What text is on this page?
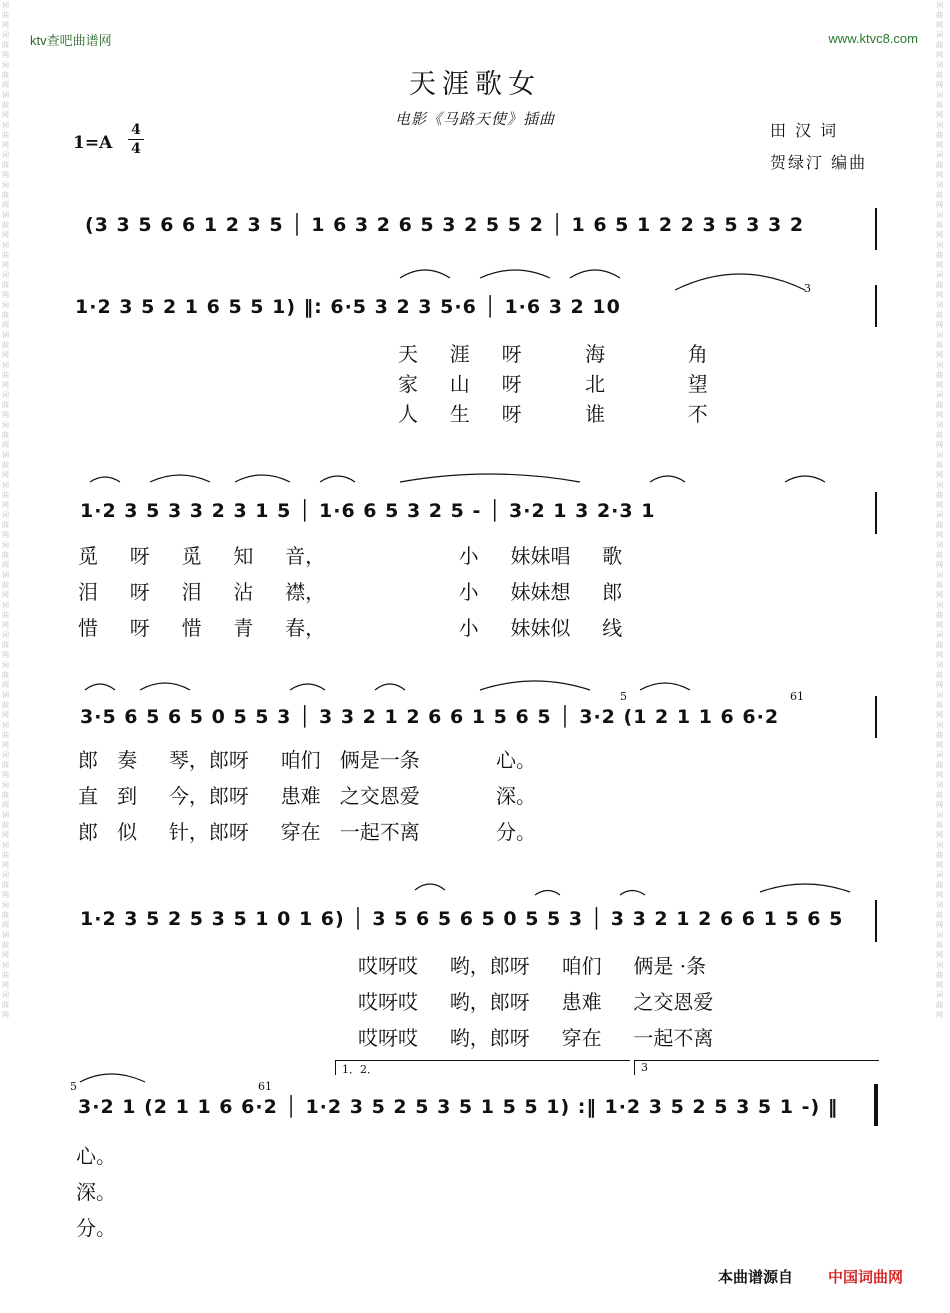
词曲网词曲网词曲网词曲网词曲网词曲网词曲网词曲网词曲网词曲网词曲网词曲网词曲网词曲网词曲网词曲网词曲网词曲网词曲网词曲网词曲网词曲网词曲网词曲网词曲网词曲网词曲网词曲网词曲网词曲网词曲网词曲网词曲网词曲网
词曲网词曲网词曲网词曲网词曲网词曲网词曲网词曲网词曲网词曲网词曲网词曲网词曲网词曲网词曲网词曲网词曲网词曲网词曲网词曲网词曲网词曲网词曲网词曲网词曲网词曲网词曲网词曲网词曲网词曲网词曲网词曲网词曲网词曲网
ktv查吧曲谱网	www.ktvc8.com
天涯歌女
电影《马路天使》插曲
1=A
4
4
田 汉 词
贺绿汀 编曲
(3 3 5 6 6 1 2 3 5 │ 1 6 3 2 6 5 3 2 5 5 2 │ 1 6 5 1 2 2 3 5 3 3 2
1·2 3 5 2 1 6 5 5 1) ‖: 6·5 3 2 3 5·6 │ 1·6 3 2 10
3
天     涯     呀          海             角
家     山     呀          北             望
人     生     呀          谁             不
1·2 3 5 3 3 2 3 1 5 │ 1·6 6 5 3 2 5 - │ 3·2 1 3 2·3 1
觅     呀     觅     知     音，                     小     妹妹唱     歌
泪     呀     泪     沾     襟，                     小     妹妹想     郎
惜     呀     惜     青     春，                     小     妹妹似     线
3·5 6 5 6 5 0 5 5 3 │ 3 3 2 1 2 6 6 1 5 6 5 │ 3·2 (1 2 1 1 6 6·2
5	61
郎   奏     琴，郎呀     咱们   俩是一条            心。
直   到     今，郎呀     患难   之交恩爱            深。
郎   似     针，郎呀     穿在   一起不离            分。
1·2 3 5 2 5 3 5 1 0 1 6) │ 3 5 6 5 6 5 0 5 5 3 │ 3 3 2 1 2 6 6 1 5 6 5
哎呀哎     哟，郎呀     咱们     俩是 ·条
哎呀哎     哟，郎呀     患难     之交恩爱
哎呀哎     哟，郎呀     穿在     一起不离
1．2．	3
5	61
3·2 1 (2 1 1 6 6·2 │ 1·2 3 5 2 5 3 5 1 5 5 1) :‖ 1·2 3 5 2 5 3 5 1 -) ‖
心。
深。
分。
本曲谱源自 中国词曲网
